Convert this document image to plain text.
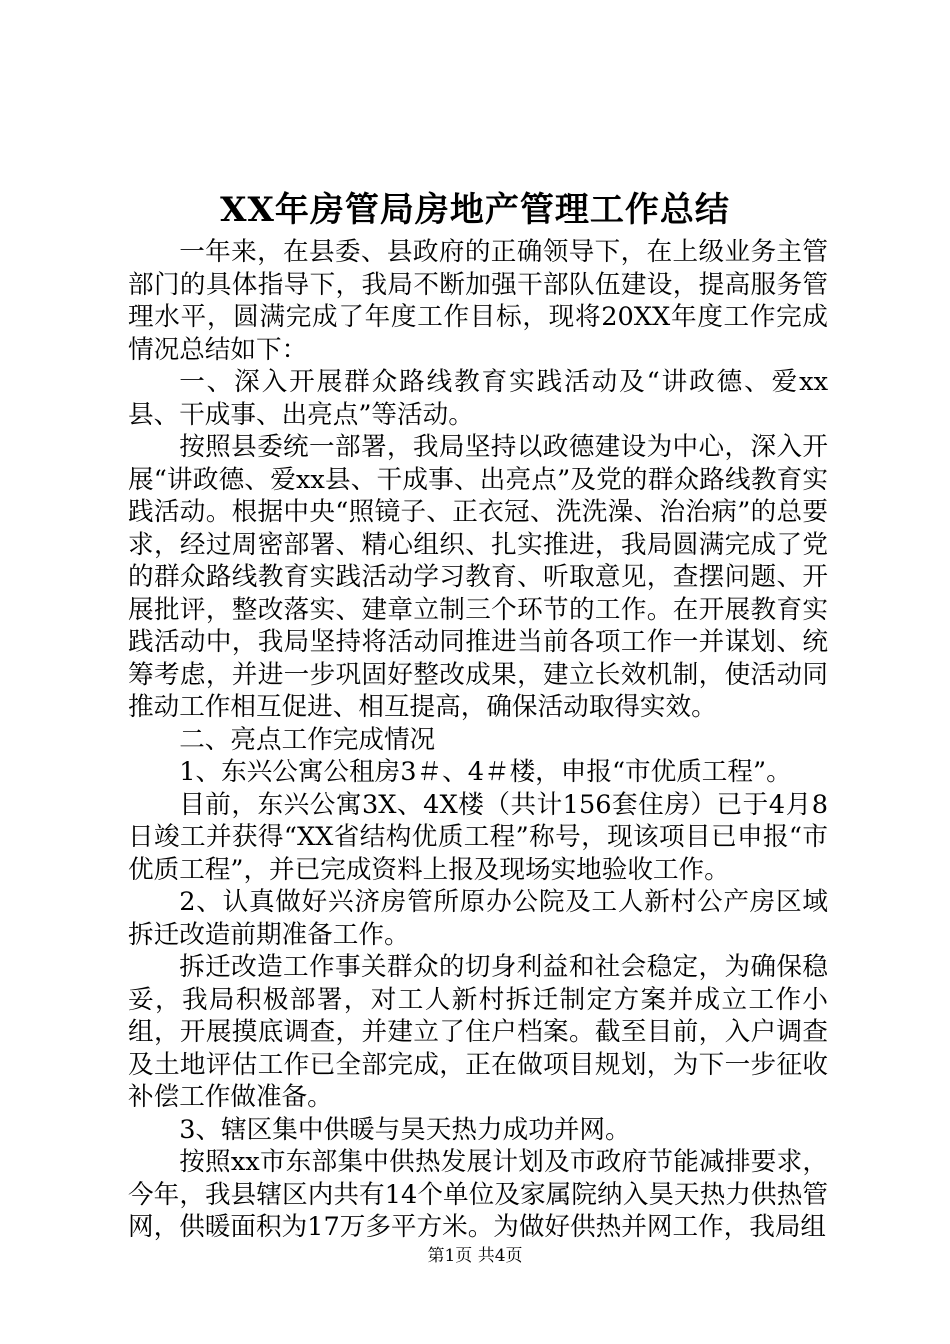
XX年房管局房地产管理工作总结

一年来，在县委、县政府的正确领导下，在上级业务主管部门的具体指导下，我局不断加强干部队伍建设，提高服务管理水平，圆满完成了年度工作目标，现将20XX年度工作完成情况总结如下：

一、深入开展群众路线教育实践活动及“讲政德、爱xx县、干成事、出亮点”等活动。

按照县委统一部署，我局坚持以政德建设为中心，深入开展“讲政德、爱xx县、干成事、出亮点”及党的群众路线教育实践活动。根据中央“照镜子、正衣冠、洗洗澡、治治病”的总要求，经过周密部署、精心组织、扎实推进，我局圆满完成了党的群众路线教育实践活动学习教育、听取意见，查摆问题、开展批评，整改落实、建章立制三个环节的工作。在开展教育实践活动中，我局坚持将活动同推进当前各项工作一并谋划、统筹考虑，并进一步巩固好整改成果，建立长效机制，使活动同推动工作相互促进、相互提高，确保活动取得实效。

二、亮点工作完成情况

1、东兴公寓公租房3＃、4＃楼，申报“市优质工程”。

目前，东兴公寓3X、4X楼（共计156套住房）已于4月8日竣工并获得“XX省结构优质工程”称号，现该项目已申报“市优质工程”，并已完成资料上报及现场实地验收工作。

2、认真做好兴济房管所原办公院及工人新村公产房区域拆迁改造前期准备工作。

拆迁改造工作事关群众的切身利益和社会稳定，为确保稳妥，我局积极部署，对工人新村拆迁制定方案并成立工作小组，开展摸底调查，并建立了住户档案。截至目前，入户调查及土地评估工作已全部完成，正在做项目规划，为下一步征收补偿工作做准备。

3、辖区集中供暖与昊天热力成功并网。

按照xx市东部集中供热发展计划及市政府节能减排要求，今年，我县辖区内共有14个单位及家属院纳入昊天热力供热管网，供暖面积为17万多平方米。为做好供热并网工作，我局组

第1页 共4页
